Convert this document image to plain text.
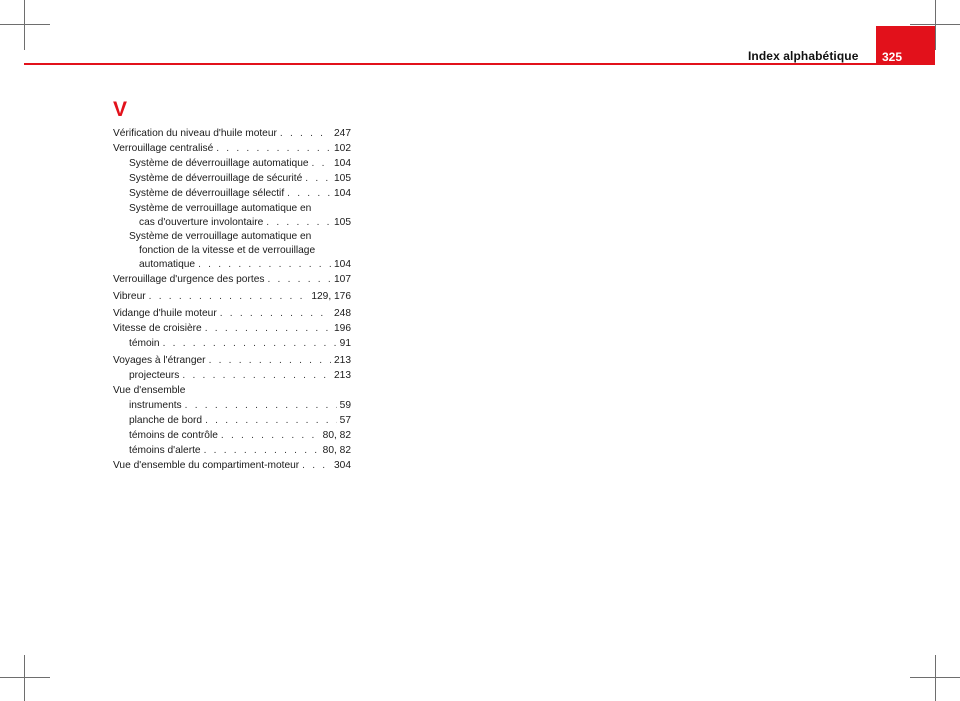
Index alphabétique 325
V
Vérification du niveau d'huile moteur . . .	247
Verrouillage centralisé . . .	102
Système de déverrouillage automatique . . . 104
Système de déverrouillage de sécurité . . .	105
Système de déverrouillage sélectif . . .	104
Système de verrouillage automatique en
cas d'ouverture involontaire . . .	105
Système de verrouillage automatique en
fonction de la vitesse et de verrouillage
automatique . . .	104
Verrouillage d'urgence des portes . . .	107
Vibreur . . .	129, 176
Vidange d'huile moteur . . .	248
Vitesse de croisière . . .	196
témoin . . .	91
Voyages à l'étranger . . .	213
projecteurs . . .	213
Vue d'ensemble
instruments . . .	59
planche de bord . . .	57
témoins de contrôle . . .	80, 82
témoins d'alerte . . .	80, 82
Vue d'ensemble du compartiment-moteur . . .	304
